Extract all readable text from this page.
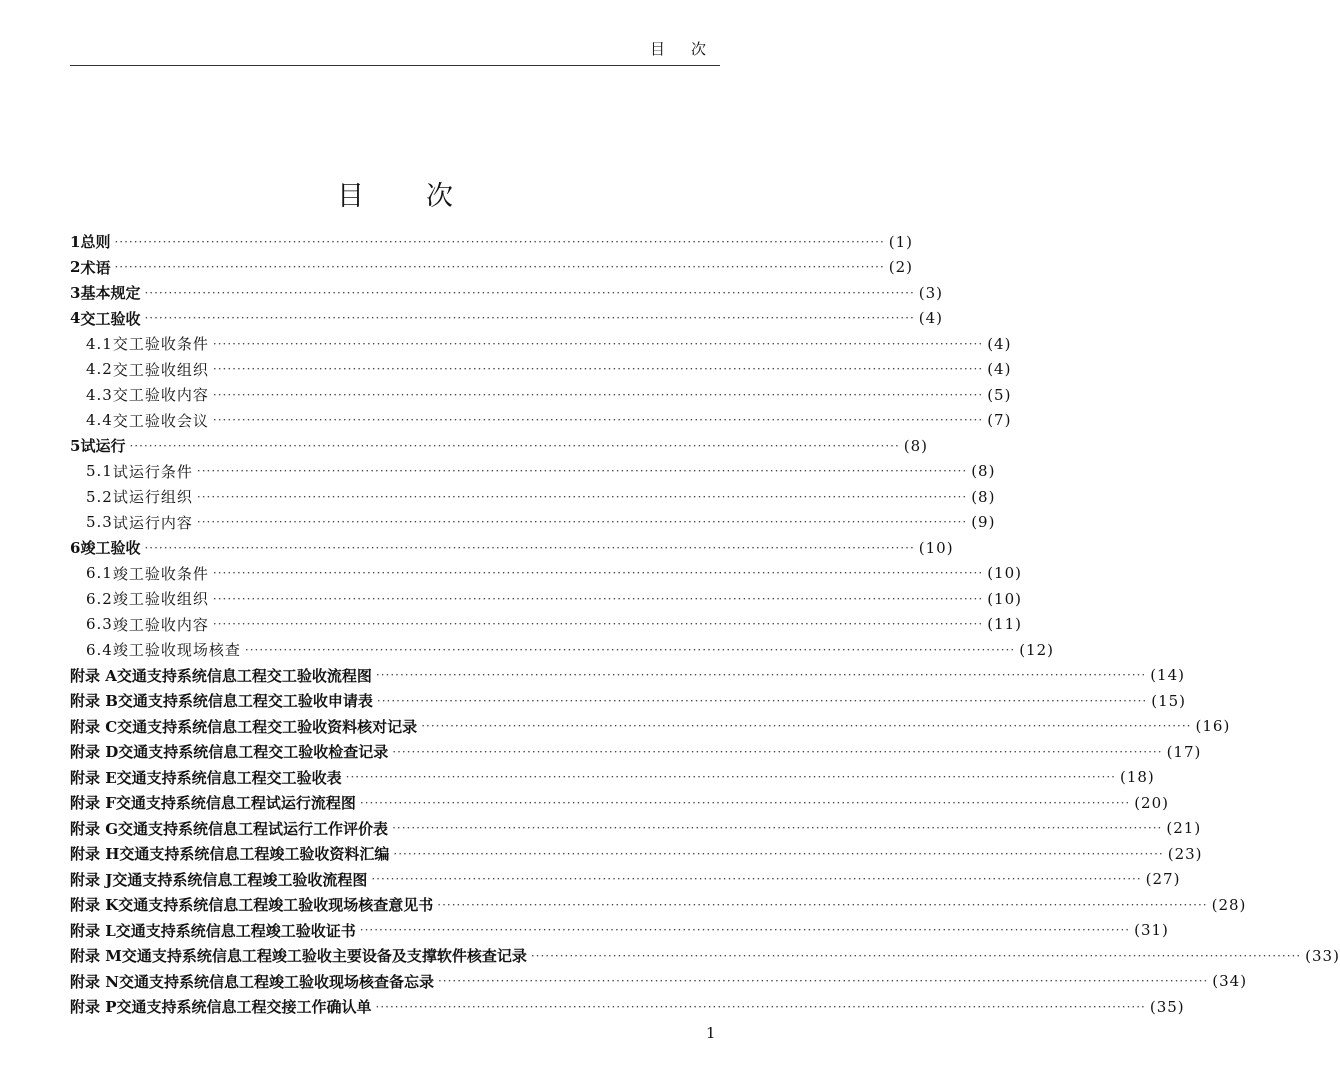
目次
目次
1 总则 ································································································································································ (1)
2 术语 ································································································································································ (2)
3 基本规定 ································································································································································ (3)
4 交工验收 ································································································································································ (4)
4.1 交工验收条件 ································································································································································ (4)
4.2 交工验收组织 ································································································································································ (4)
4.3 交工验收内容 ································································································································································ (5)
4.4 交工验收会议 ································································································································································ (7)
5 试运行 ································································································································································ (8)
5.1 试运行条件 ································································································································································ (8)
5.2 试运行组织 ································································································································································ (8)
5.3 试运行内容 ································································································································································ (9)
6 竣工验收 ································································································································································ (10)
6.1 竣工验收条件 ································································································································································ (10)
6.2 竣工验收组织 ································································································································································ (10)
6.3 竣工验收内容 ································································································································································ (11)
6.4 竣工验收现场核查 ································································································································································ (12)
附录 A 交通支持系统信息工程交工验收流程图 ································································································································································ (14)
附录 B 交通支持系统信息工程交工验收申请表 ································································································································································ (15)
附录 C 交通支持系统信息工程交工验收资料核对记录 ································································································································································ (16)
附录 D 交通支持系统信息工程交工验收检查记录 ································································································································································ (17)
附录 E 交通支持系统信息工程交工验收表 ································································································································································ (18)
附录 F 交通支持系统信息工程试运行流程图 ································································································································································ (20)
附录 G 交通支持系统信息工程试运行工作评价表 ································································································································································ (21)
附录 H 交通支持系统信息工程竣工验收资料汇编 ································································································································································ (23)
附录 J 交通支持系统信息工程竣工验收流程图 ································································································································································ (27)
附录 K 交通支持系统信息工程竣工验收现场核查意见书 ································································································································································ (28)
附录 L 交通支持系统信息工程竣工验收证书 ································································································································································ (31)
附录 M 交通支持系统信息工程竣工验收主要设备及支撑软件核查记录 ································································································································································ (33)
附录 N 交通支持系统信息工程竣工验收现场核查备忘录 ································································································································································ (34)
附录 P 交通支持系统信息工程交接工作确认单 ································································································································································ (35)
1
